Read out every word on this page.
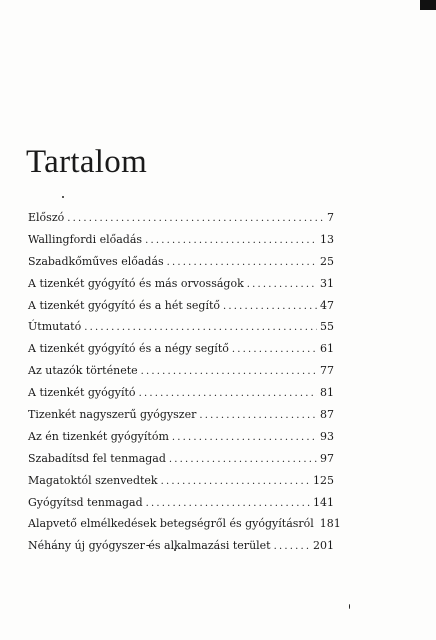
Tartalom
Előszó .....	7
Wallingfordi előadás .....	13
Szabadkőműves előadás .....	25
A tizenkét gyógyító és más orvosságok .....	31
A tizenkét gyógyító és a hét segítő .....	47
Útmutató .....	55
A tizenkét gyógyító és a négy segítő .....	61
Az utazók története .....	77
A tizenkét gyógyító .....	81
Tizenkét nagyszerű gyógyszer .....	87
Az én tizenkét gyógyítóm .....	93
Szabadítsd fel tenmagad .....	97
Magatoktól szenvedtek .....	125
Gyógyítsd tenmagad .....	141
Alapvető elmélkedések betegségről és gyógyításról 181
Néhány új gyógyszer és alkalmazási terület .....	201
